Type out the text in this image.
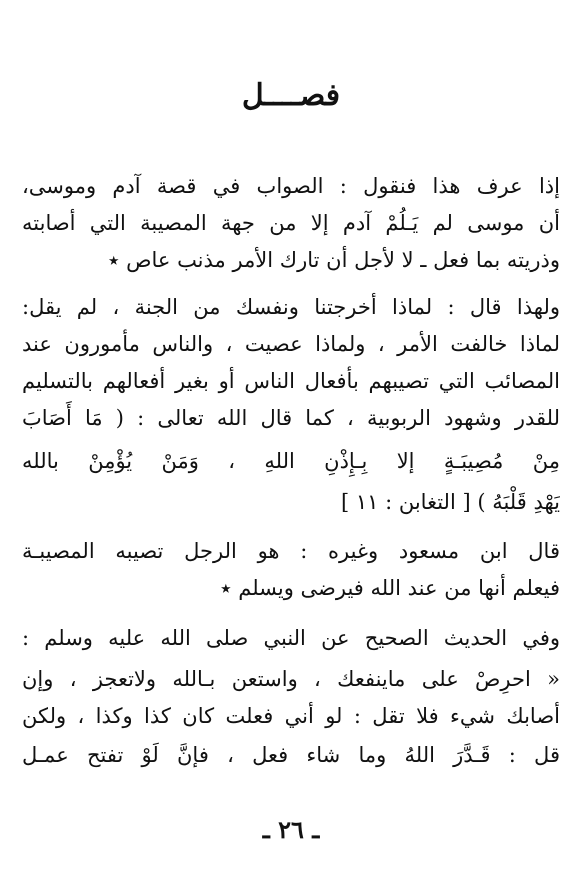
فصــــل
إذا عرف هذا فنقول : الصواب في قصة آدم وموسى،
أن موسى لم يَـلُمْ آدم إلا من جهة المصيبة التي أصابته
وذريته بما فعل ـ لا لأجل أن تارك الأمر مذنب عاص ٭
ولهذا قال : لماذا أخرجتنا ونفسك من الجنة ، لم يقل:
لماذا خالفت الأمر ، ولماذا عصيت ، والناس مأمورون عند
المصائب التي تصيبهم بأفعال الناس أو بغير أفعالهم بالتسليم
للقدر وشهود الربوبية ، كما قال الله تعالى : ( مَا أَصَابَ
مِنْ مُصِيبَـةٍ إلا بِـإِذْنِ اللهِ ، وَمَنْ يُؤْمِنْ بالله
يَهْدِ قَلْبَهُ ) [ التغابن : ١١ ]
قال ابن مسعود وغيره : هو الرجل تصيبه المصيبـة
فيعلم أنها من عند الله فيرضى ويسلم ٭
وفي الحديث الصحيح عن النبي صلى الله عليه وسلم :
« احرِصْ على ماينفعك ، واستعن بـالله ولاتعجز ، وإن
أصابك شيء فلا تقل : لو أني فعلت كان كذا وكذا ، ولكن
قل : قَـدَّرَ اللهُ وما شاء فعل ، فإنَّ لَوْ تفتح عمـل
ـ ٢٦ ـ
